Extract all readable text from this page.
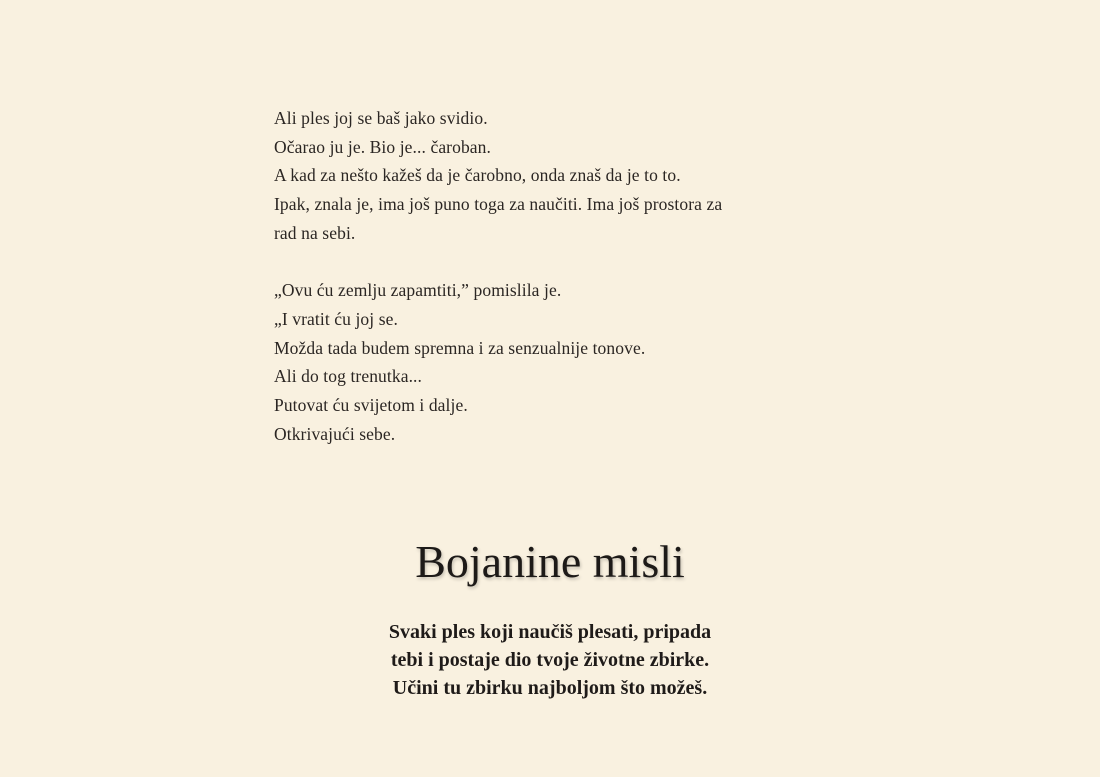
Ali ples joj se baš jako svidio.
Očarao ju je. Bio je... čaroban.
A kad za nešto kažeš da je čarobno, onda znaš da je to to.
Ipak, znala je, ima još puno toga za naučiti. Ima još prostora za
rad na sebi.
„Ovu ću zemlju zapamtiti,” pomislila je.
„I vratit ću joj se.
Možda tada budem spremna i za senzualnije tonove.
Ali do tog trenutka...
Putovat ću svijetom i dalje.
Otkrivajući sebe.
Bojanine misli
Svaki ples koji naučiš plesati, pripada
tebi i postaje dio tvoje životne zbirke.
Učini tu zbirku najboljom što možeš.
